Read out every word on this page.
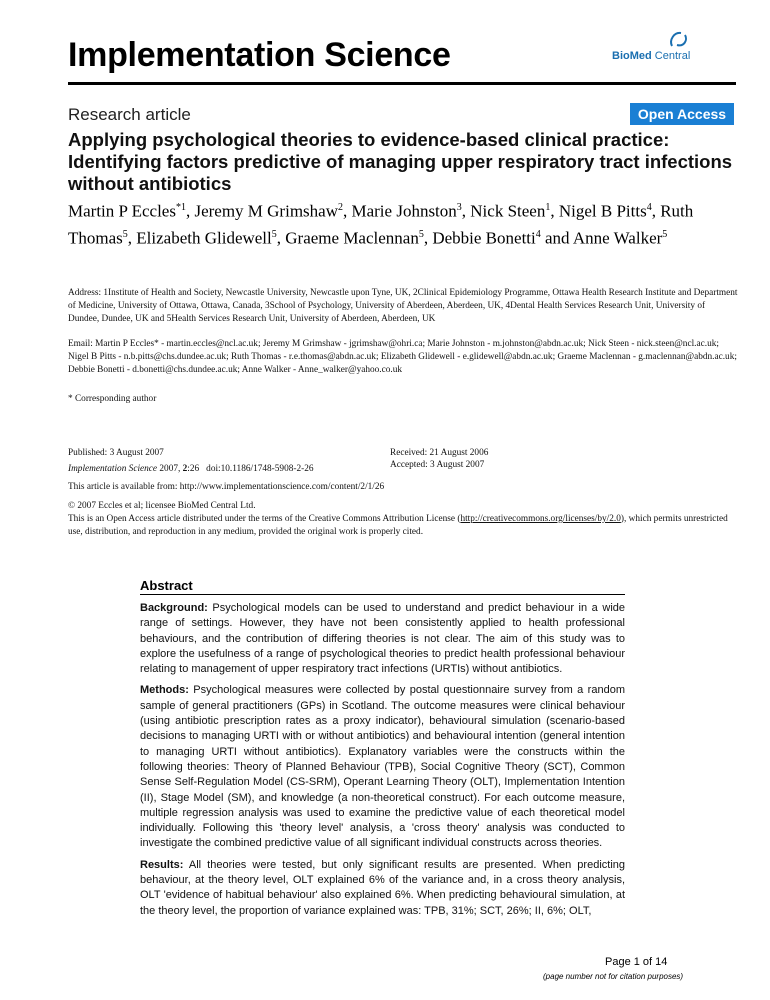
Implementation Science	BioMed Central
Research article	Open Access
Applying psychological theories to evidence-based clinical practice: Identifying factors predictive of managing upper respiratory tract infections without antibiotics
Martin P Eccles$^{*1}$, Jeremy M Grimshaw$^2$, Marie Johnston$^3$, Nick Steen$^1$, Nigel B Pitts$^4$, Ruth Thomas$^5$, Elizabeth Glidewell$^5$, Graeme Maclennan$^5$, Debbie Bonetti$^4$ and Anne Walker$^5$
Address: 1Institute of Health and Society, Newcastle University, Newcastle upon Tyne, UK, 2Clinical Epidemiology Programme, Ottawa Health Research Institute and Department of Medicine, University of Ottawa, Ottawa, Canada, 3School of Psychology, University of Aberdeen, Aberdeen, UK, 4Dental Health Services Research Unit, University of Dundee, Dundee, UK and 5Health Services Research Unit, University of Aberdeen, Aberdeen, UK
Email: Martin P Eccles* - martin.eccles@ncl.ac.uk; Jeremy M Grimshaw - jgrimshaw@ohri.ca; Marie Johnston - m.johnston@abdn.ac.uk; Nick Steen - nick.steen@ncl.ac.uk; Nigel B Pitts - n.b.pitts@chs.dundee.ac.uk; Ruth Thomas - r.e.thomas@abdn.ac.uk; Elizabeth Glidewell - e.glidewell@abdn.ac.uk; Graeme Maclennan - g.maclennan@abdn.ac.uk; Debbie Bonetti - d.bonetti@chs.dundee.ac.uk; Anne Walker - Anne_walker@yahoo.co.uk
* Corresponding author
Published: 3 August 2007
Implementation Science 2007, 2:26 doi:10.1186/1748-5908-2-26
Received: 21 August 2006
Accepted: 3 August 2007
This article is available from: http://www.implementationscience.com/content/2/1/26
© 2007 Eccles et al; licensee BioMed Central Ltd.
This is an Open Access article distributed under the terms of the Creative Commons Attribution License (http://creativecommons.org/licenses/by/2.0), which permits unrestricted use, distribution, and reproduction in any medium, provided the original work is properly cited.
Abstract
Background: Psychological models can be used to understand and predict behaviour in a wide range of settings. However, they have not been consistently applied to health professional behaviours, and the contribution of differing theories is not clear. The aim of this study was to explore the usefulness of a range of psychological theories to predict health professional behaviour relating to management of upper respiratory tract infections (URTIs) without antibiotics.
Methods: Psychological measures were collected by postal questionnaire survey from a random sample of general practitioners (GPs) in Scotland. The outcome measures were clinical behaviour (using antibiotic prescription rates as a proxy indicator), behavioural simulation (scenario-based decisions to managing URTI with or without antibiotics) and behavioural intention (general intention to managing URTI without antibiotics). Explanatory variables were the constructs within the following theories: Theory of Planned Behaviour (TPB), Social Cognitive Theory (SCT), Common Sense Self-Regulation Model (CS-SRM), Operant Learning Theory (OLT), Implementation Intention (II), Stage Model (SM), and knowledge (a non-theoretical construct). For each outcome measure, multiple regression analysis was used to examine the predictive value of each theoretical model individually. Following this 'theory level' analysis, a 'cross theory' analysis was conducted to investigate the combined predictive value of all significant individual constructs across theories.
Results: All theories were tested, but only significant results are presented. When predicting behaviour, at the theory level, OLT explained 6% of the variance and, in a cross theory analysis, OLT 'evidence of habitual behaviour' also explained 6%. When predicting behavioural simulation, at the theory level, the proportion of variance explained was: TPB, 31%; SCT, 26%; II, 6%; OLT,
Page 1 of 14
(page number not for citation purposes)
